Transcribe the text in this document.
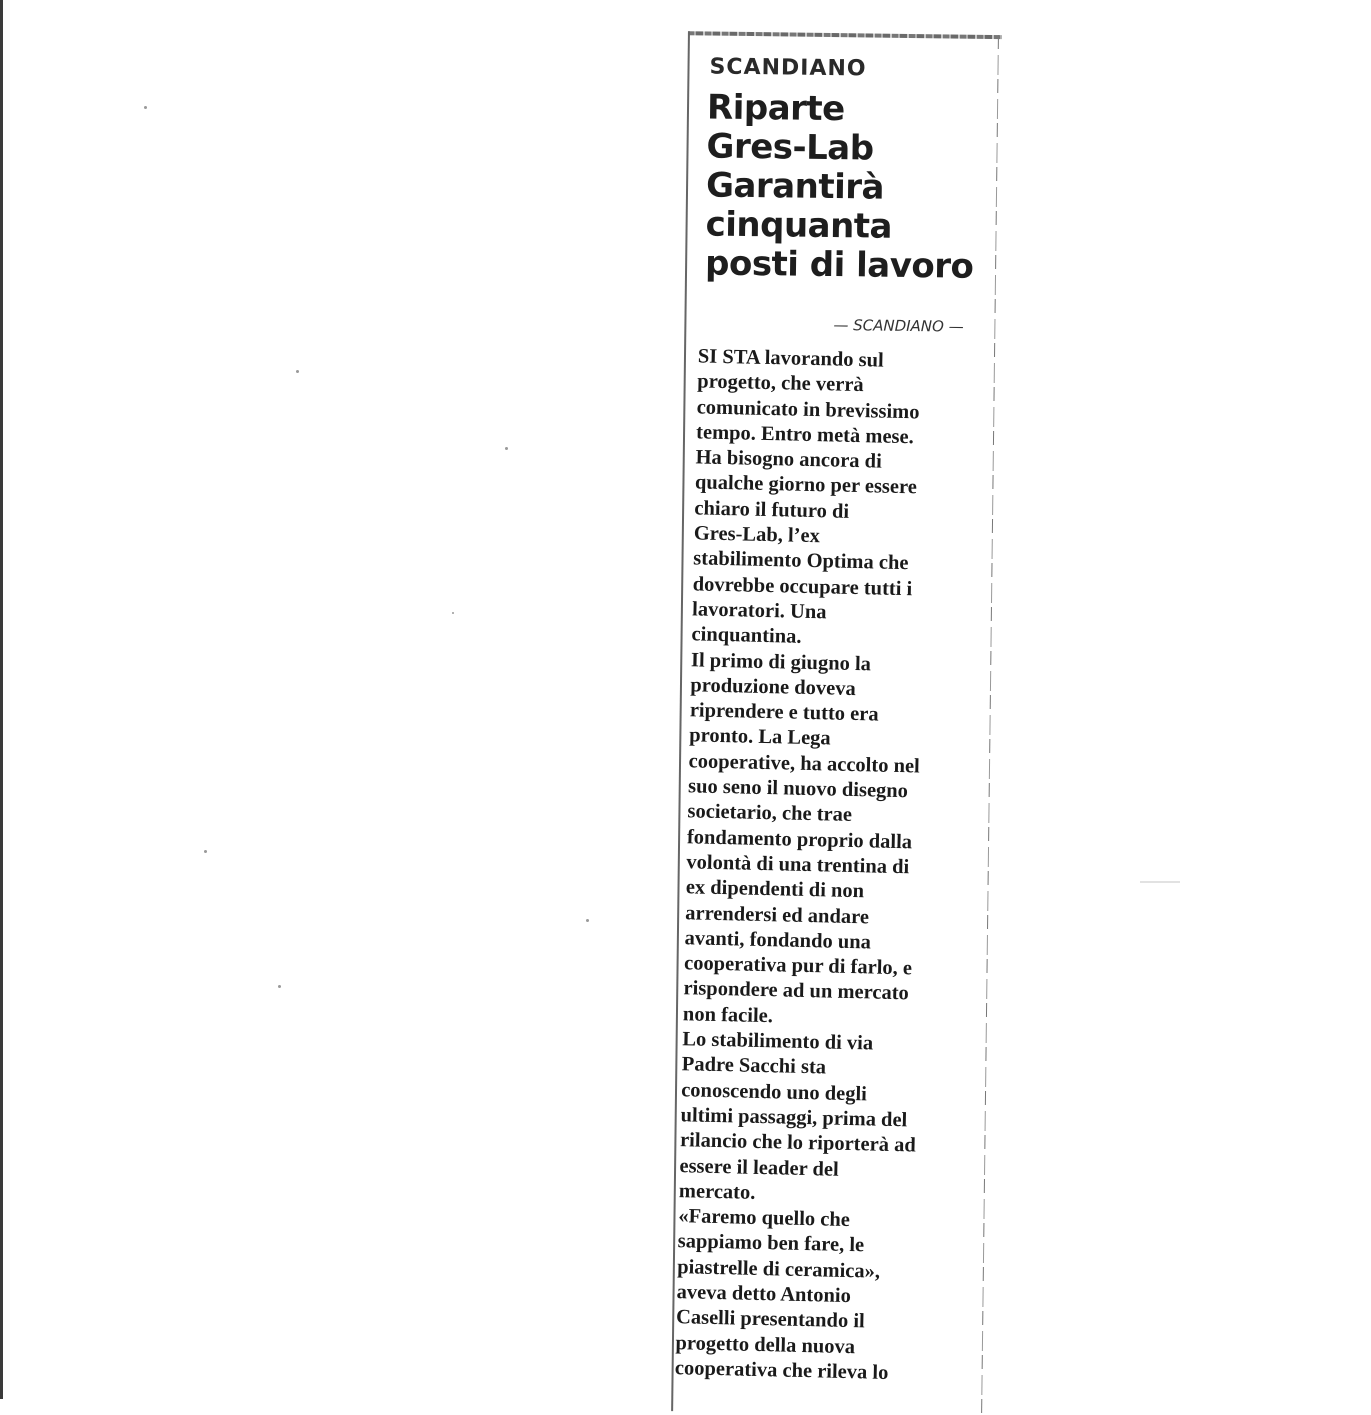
SCANDIANO
Riparte
Gres-Lab
Garantirà
cinquanta
posti di lavoro
— SCANDIANO —
SI STA lavorando sul
progetto, che verrà
comunicato in brevissimo
tempo. Entro metà mese.
Ha bisogno ancora di
qualche giorno per essere
chiaro il futuro di
Gres-Lab, l’ex
stabilimento Optima che
dovrebbe occupare tutti i
lavoratori. Una
cinquantina.
Il primo di giugno la
produzione doveva
riprendere e tutto era
pronto. La Lega
cooperative, ha accolto nel
suo seno il nuovo disegno
societario, che trae
fondamento proprio dalla
volontà di una trentina di
ex dipendenti di non
arrendersi ed andare
avanti, fondando una
cooperativa pur di farlo, e
rispondere ad un mercato
non facile.
Lo stabilimento di via
Padre Sacchi sta
conoscendo uno degli
ultimi passaggi, prima del
rilancio che lo riporterà ad
essere il leader del
mercato.
«Faremo quello che
sappiamo ben fare, le
piastrelle di ceramica»,
aveva detto Antonio
Caselli presentando il
progetto della nuova
cooperativa che rileva lo
